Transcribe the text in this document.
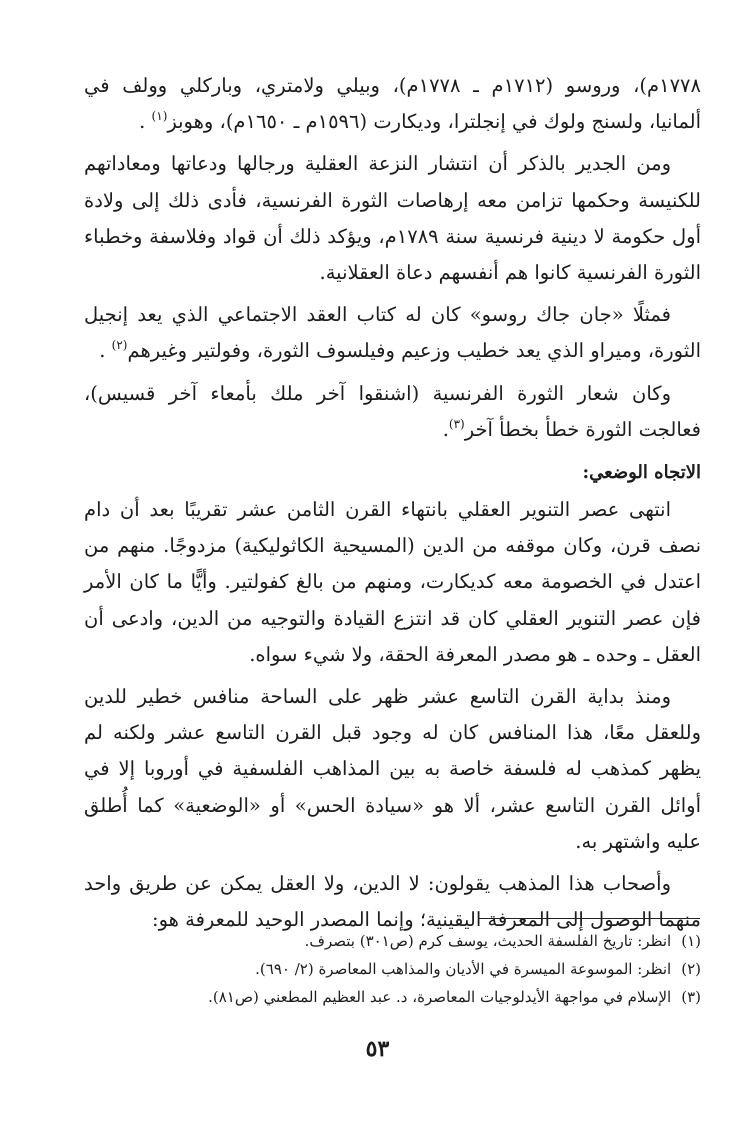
١٧٧٨م)، وروسو (١٧١٢م ـ ١٧٧٨م)، وبيلي ولامتري، وباركلي وولف في ألمانيا، ولسنج ولوك في إنجلترا، وديكارت (١٥٩٦م ـ ١٦٥٠م)، وهوبز$^{(١)}$ .

ومن الجدير بالذكر أن انتشار النزعة العقلية ورجالها ودعاتها ومعاداتهم للكنيسة وحكمها تزامن معه إرهاصات الثورة الفرنسية، فأدى ذلك إلى ولادة أول حكومة لا دينية فرنسية سنة ١٧٨٩م، ويؤكد ذلك أن قواد وفلاسفة وخطباء الثورة الفرنسية كانوا هم أنفسهم دعاة العقلانية.

فمثلًا «جان جاك روسو» كان له كتاب العقد الاجتماعي الذي يعد إنجيل الثورة، وميراو الذي يعد خطيب وزعيم وفيلسوف الثورة، وفولتير وغيرهم$^{(٢)}$ .

وكان شعار الثورة الفرنسية (اشنقوا آخر ملك بأمعاء آخر قسيس)، فعالجت الثورة خطأ بخطأ آخر$^{(٣)}$.

الاتجاه الوضعي:

انتهى عصر التنوير العقلي بانتهاء القرن الثامن عشر تقريبًا بعد أن دام نصف قرن، وكان موقفه من الدين (المسيحية الكاثوليكية) مزدوجًا. منهم من اعتدل في الخصومة معه كديكارت، ومنهم من بالغ كفولتير. وأيًّا ما كان الأمر فإن عصر التنوير العقلي كان قد انتزع القيادة والتوجيه من الدين، وادعى أن العقل ـ وحده ـ هو مصدر المعرفة الحقة، ولا شيء سواه.

ومنذ بداية القرن التاسع عشر ظهر على الساحة منافس خطير للدين وللعقل معًا، هذا المنافس كان له وجود قبل القرن التاسع عشر ولكنه لم يظهر كمذهب له فلسفة خاصة به بين المذاهب الفلسفية في أوروبا إلا في أوائل القرن التاسع عشر، ألا هو «سيادة الحس» أو «الوضعية» كما أُطلق عليه واشتهر به.

وأصحاب هذا المذهب يقولون: لا الدين، ولا العقل يمكن عن طريق واحد منهما الوصول إلى المعرفة اليقينية؛ وإنما المصدر الوحيد للمعرفة هو:

(١)انظر: تاريخ الفلسفة الحديث، يوسف كرم (ص٣٠١) بتصرف.

(٢)انظر: الموسوعة الميسرة في الأديان والمذاهب المعاصرة (٢/ ٦٩٠).

(٣)الإسلام في مواجهة الأيدلوجيات المعاصرة، د. عبد العظيم المطعني (ص٨١).

٥٣
